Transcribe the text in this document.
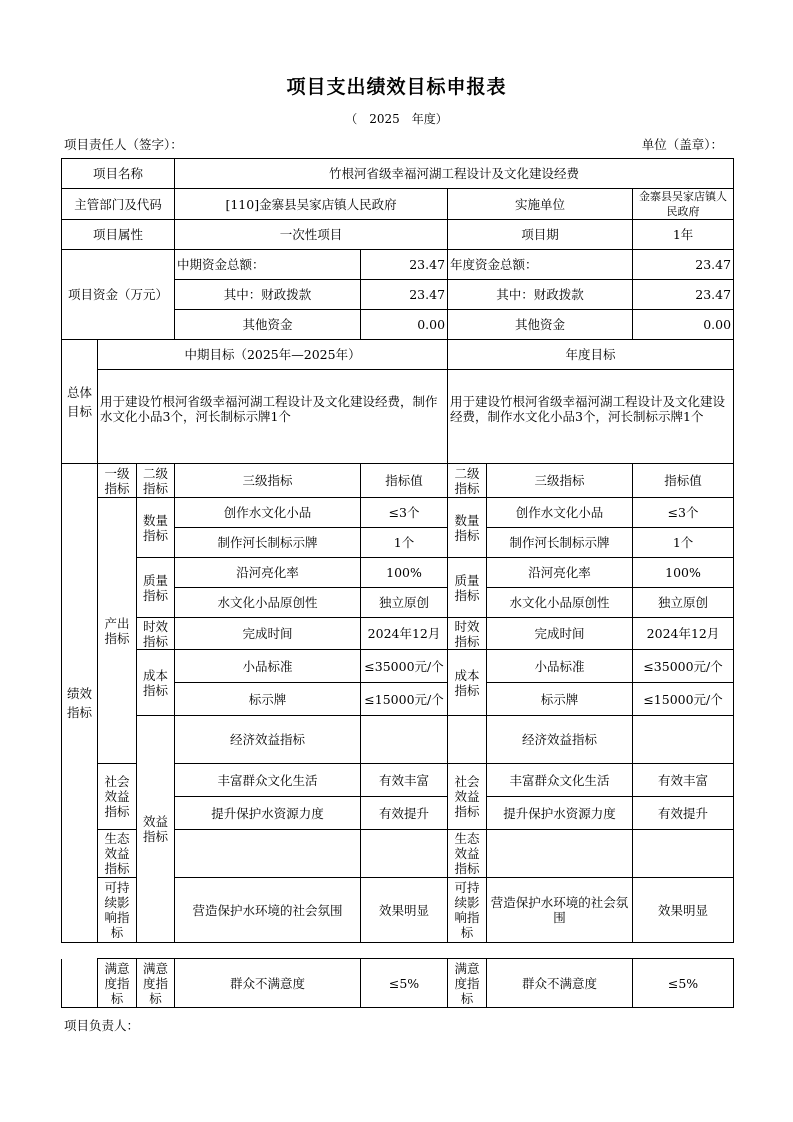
项目支出绩效目标申报表
（　2025　年度）
项目责任人（签字）：	单位（盖章）：
项目名称			竹根河省级幸福河湖工程设计及文化建设经费					
主管部门及代码			[110]金寨县吴家店镇人民政府		实施单位		金寨县吴家店镇人民政府	
项目属性			一次性项目		项目期		1年	
项目资金（万元）			中期资金总额：	23.47	年度资金总额：		23.47	
			其中：财政拨款	23.47	其中：财政拨款		23.47	
			其他资金	0.00	其他资金		0.00	
总体目标	中期目标（2025年—2025年）				年度目标			
	用于建设竹根河省级幸福河湖工程设计及文化建设经费，制作水文化小品3个，河长制标示牌1个				用于建设竹根河省级幸福河湖工程设计及文化建设经费，制作水文化小品3个，河长制标示牌1个			
绩效指标	一级指标	二级指标	三级指标	指标值	二级指标	三级指标	指标值	
	产出指标	数量指标	创作水文化小品	≤3个	数量指标	创作水文化小品	≤3个	
			制作河长制标示牌	1个		制作河长制标示牌	1个	
		质量指标	沿河亮化率	100%	质量指标	沿河亮化率	100%	
			水文化小品原创性	独立原创		水文化小品原创性	独立原创	
		时效指标	完成时间	2024年12月	时效指标	完成时间	2024年12月	
		成本指标	小品标准	≤35000元/个	成本指标	小品标准	≤35000元/个	
			标示牌	≤15000元/个		标示牌	≤15000元/个	
		效益指标	经济效益指标			经济效益指标		
	社会效益指标		丰富群众文化生活	有效丰富	社会效益指标	丰富群众文化生活	有效丰富	
			提升保护水资源力度	有效提升		提升保护水资源力度	有效提升	
	生态效益指标				生态效益指标			
	可持续影响指标		营造保护水环境的社会氛围	效果明显	可持续影响指标	营造保护水环境的社会氛围	效果明显	
	满意度指标	满意度指标	群众不满意度	≤5%	满意度指标	群众不满意度	≤5%
项目负责人：
